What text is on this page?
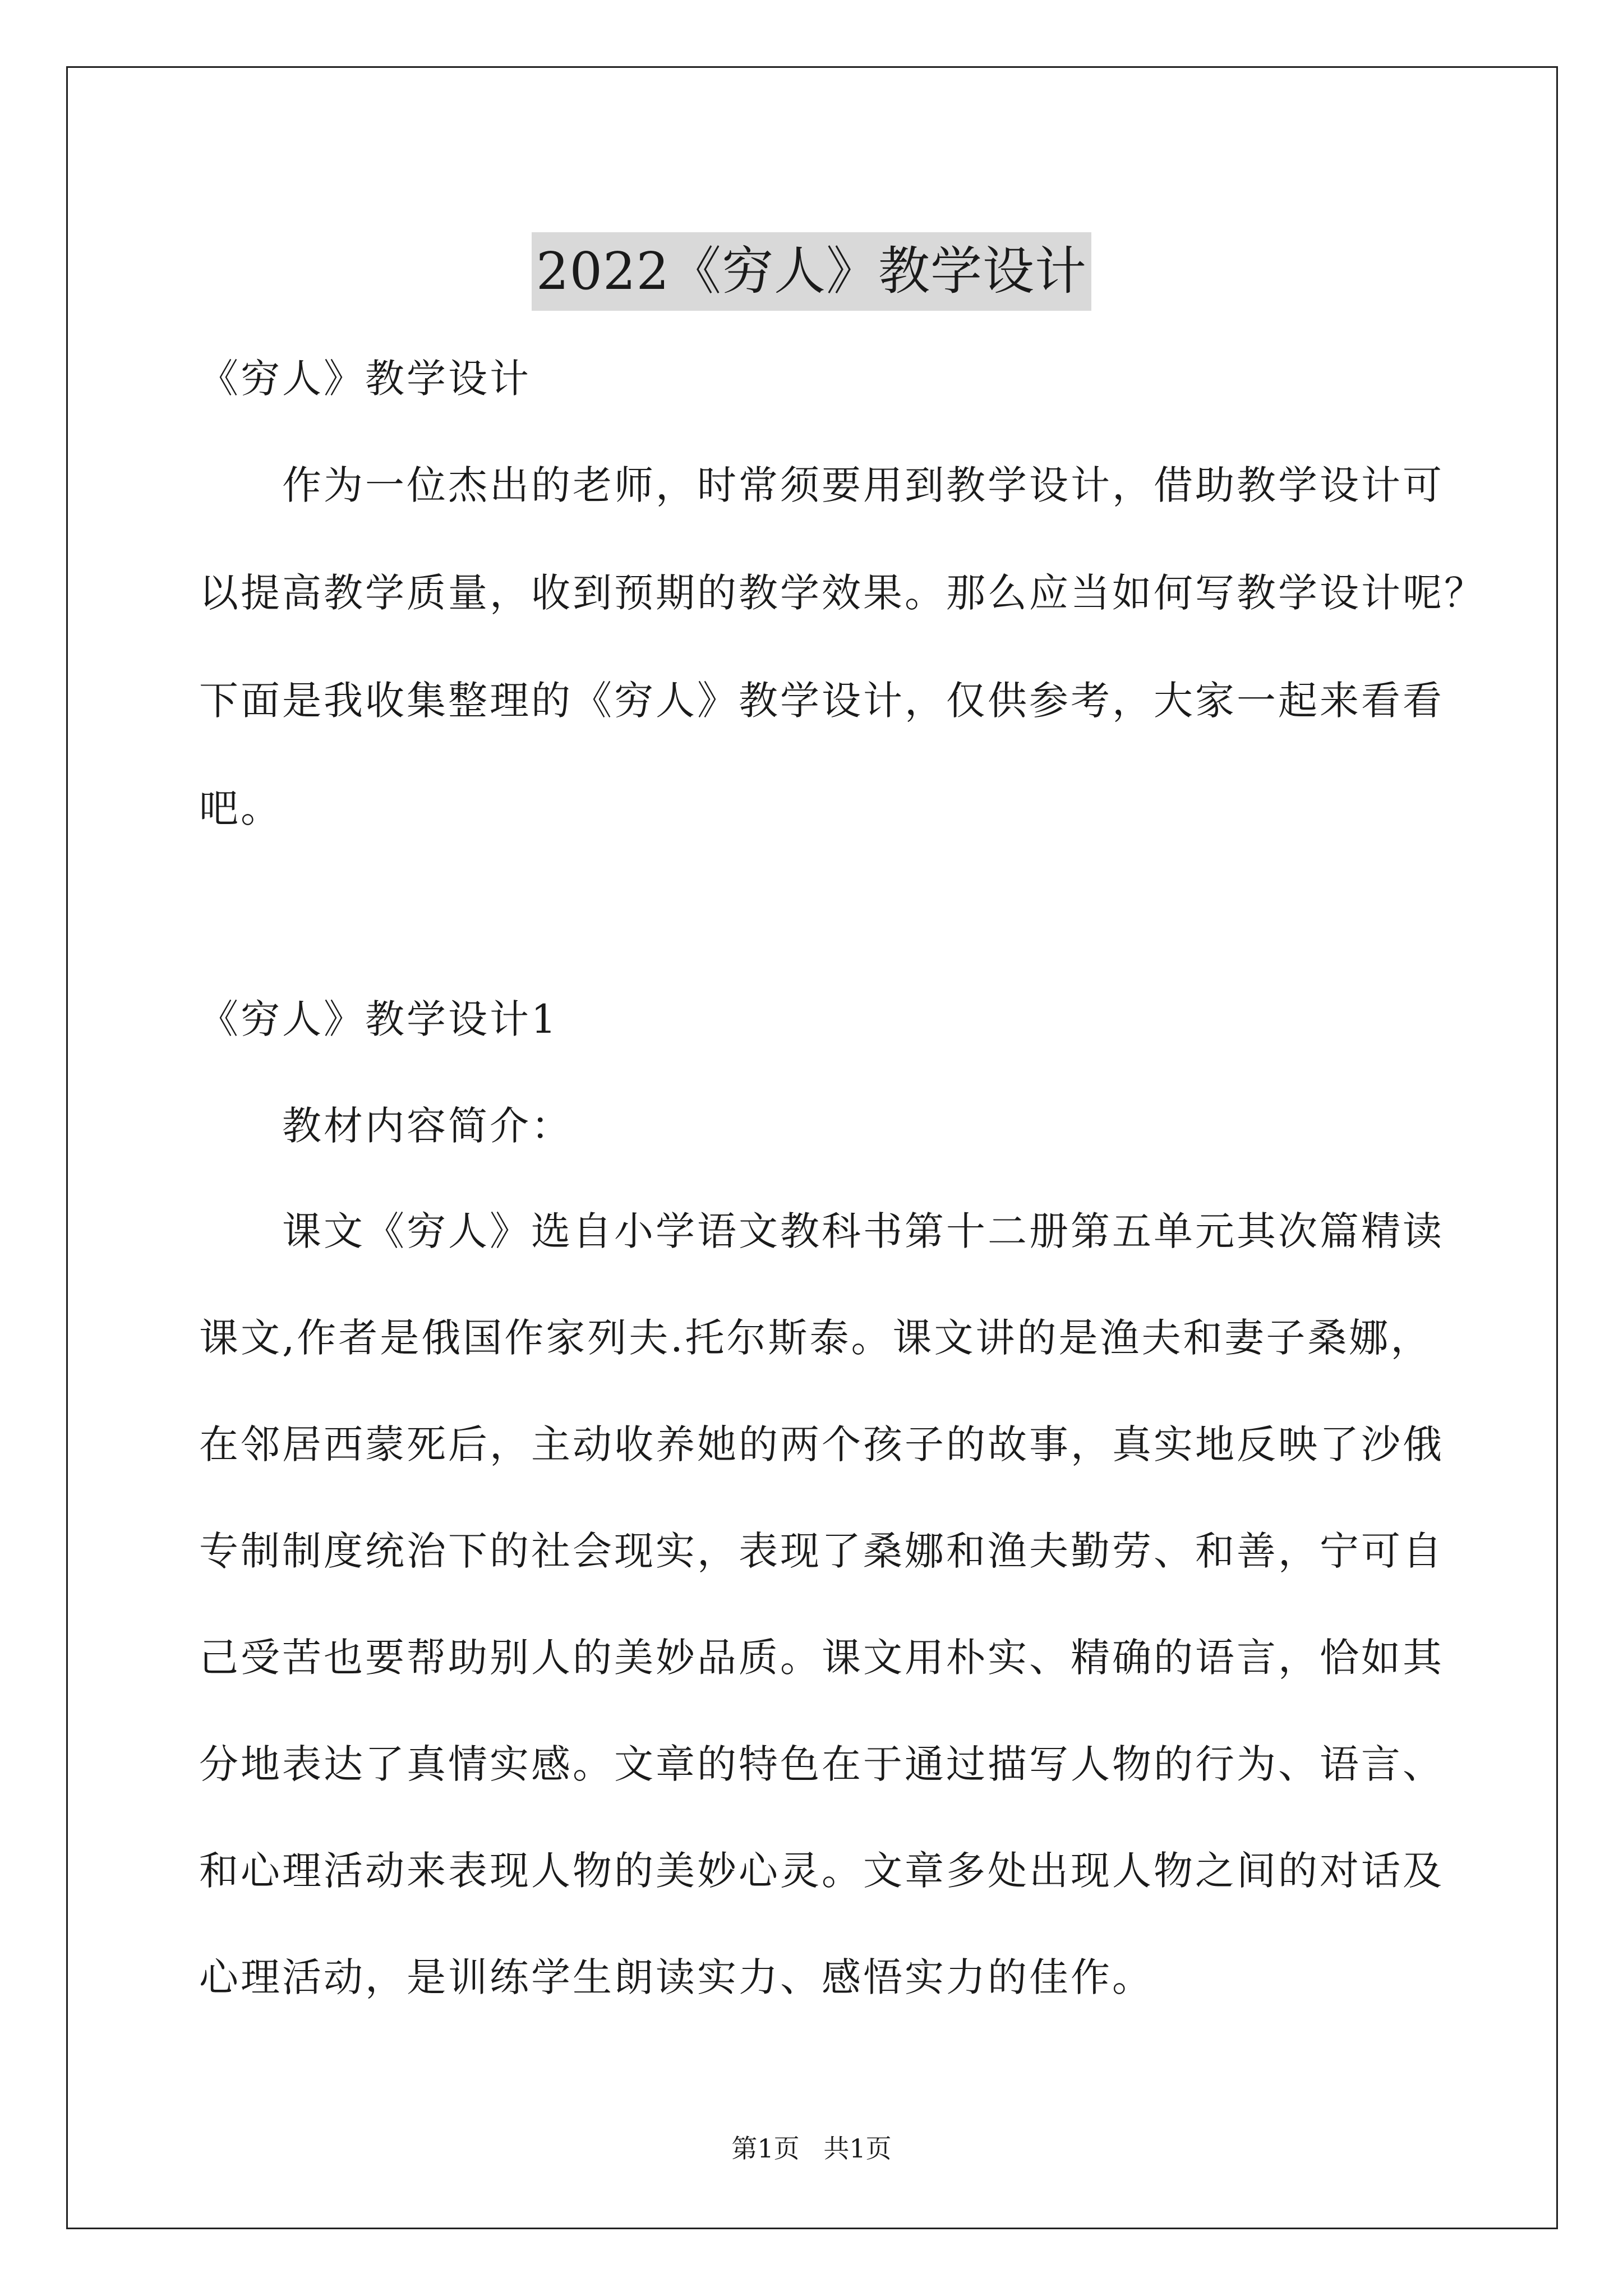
2022《穷人》教学设计
《穷人》教学设计
作为一位杰出的老师，时常须要用到教学设计，借助教学设计可
以提高教学质量，收到预期的教学效果。那么应当如何写教学设计呢？
下面是我收集整理的《穷人》教学设计，仅供参考，大家一起来看看
吧。
《穷人》教学设计1
教材内容简介：
课文《穷人》选自小学语文教科书第十二册第五单元其次篇精读
课文,作者是俄国作家列夫.托尔斯泰。课文讲的是渔夫和妻子桑娜，
在邻居西蒙死后，主动收养她的两个孩子的故事，真实地反映了沙俄
专制制度统治下的社会现实，表现了桑娜和渔夫勤劳、和善，宁可自
己受苦也要帮助别人的美妙品质。课文用朴实、精确的语言，恰如其
分地表达了真情实感。文章的特色在于通过描写人物的行为、语言、
和心理活动来表现人物的美妙心灵。文章多处出现人物之间的对话及
心理活动，是训练学生朗读实力、感悟实力的佳作。
第1页 共1页
